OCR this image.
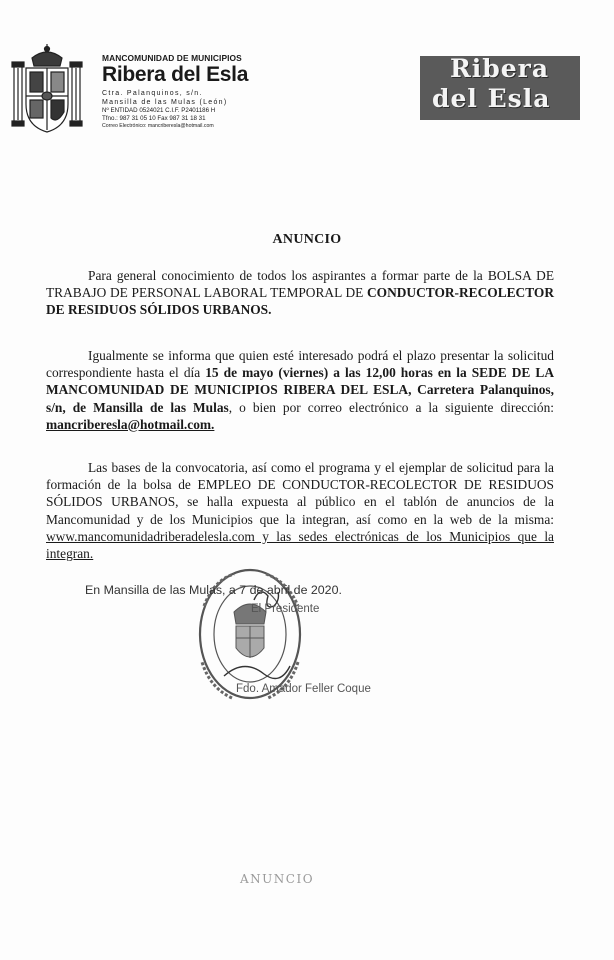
MANCOMUNIDAD DE MUNICIPIOS
Ribera del Esla
Ctra. Palanquinos, s/n.
Mansilla de las Mulas (León)
Nº ENTIDAD 0524021 C.I.F. P2401186 H
Tfno.: 987 31 05 10 Fax 987 31 18 31
Correo Electrónico: mancriberesla@hotmail.com
Ribera
del Esla
ANUNCIO
Para general conocimiento de todos los aspirantes a formar parte de la BOLSA DE TRABAJO DE PERSONAL LABORAL TEMPORAL DE CONDUCTOR-RECOLECTOR DE RESIDUOS SÓLIDOS URBANOS.
Igualmente se informa que quien esté interesado podrá el plazo presentar la solicitud correspondiente hasta el día 15 de mayo (viernes) a las 12,00 horas en la SEDE DE LA MANCOMUNIDAD DE MUNICIPIOS RIBERA DEL ESLA, Carretera Palanquinos, s/n, de Mansilla de las Mulas, o bien por correo electrónico a la siguiente dirección: mancriberesla@hotmail.com.
Las bases de la convocatoria, así como el programa y el ejemplar de solicitud para la formación de la bolsa de EMPLEO DE CONDUCTOR-RECOLECTOR DE RESIDUOS SÓLIDOS URBANOS, se halla expuesta al público en el tablón de anuncios de la Mancomunidad y de los Municipios que la integran, así como en la web de la misma: www.mancomunidadriberadelesla.com y las sedes electrónicas de los Municipios que la integran.
En Mansilla de las Mulas, a 7 de abril de 2020.
El Presidente
Fdo. Amador Feller Coque
ANUNCIO
